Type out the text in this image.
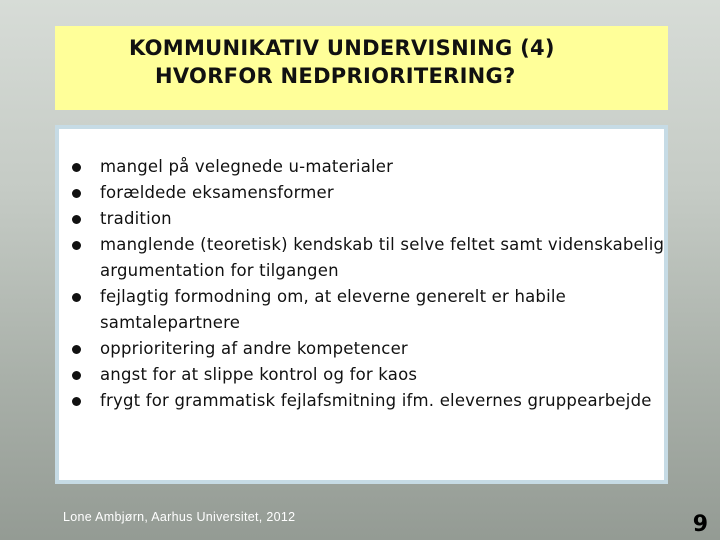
KOMMUNIKATIV UNDERVISNING (4)
HVORFOR NEDPRIORITERING?
mangel på velegnede u-materialer
forældede eksamensformer
tradition
manglende (teoretisk) kendskab til selve feltet samt videnskabelig argumentation for tilgangen
fejlagtig formodning om, at eleverne generelt er habile samtalepartnere
opprioritering af andre kompetencer
angst for at slippe kontrol og for kaos
frygt for grammatisk fejlafsmitning ifm. elevernes gruppearbejde
Lone Ambjørn, Aarhus Universitet, 2012	9
